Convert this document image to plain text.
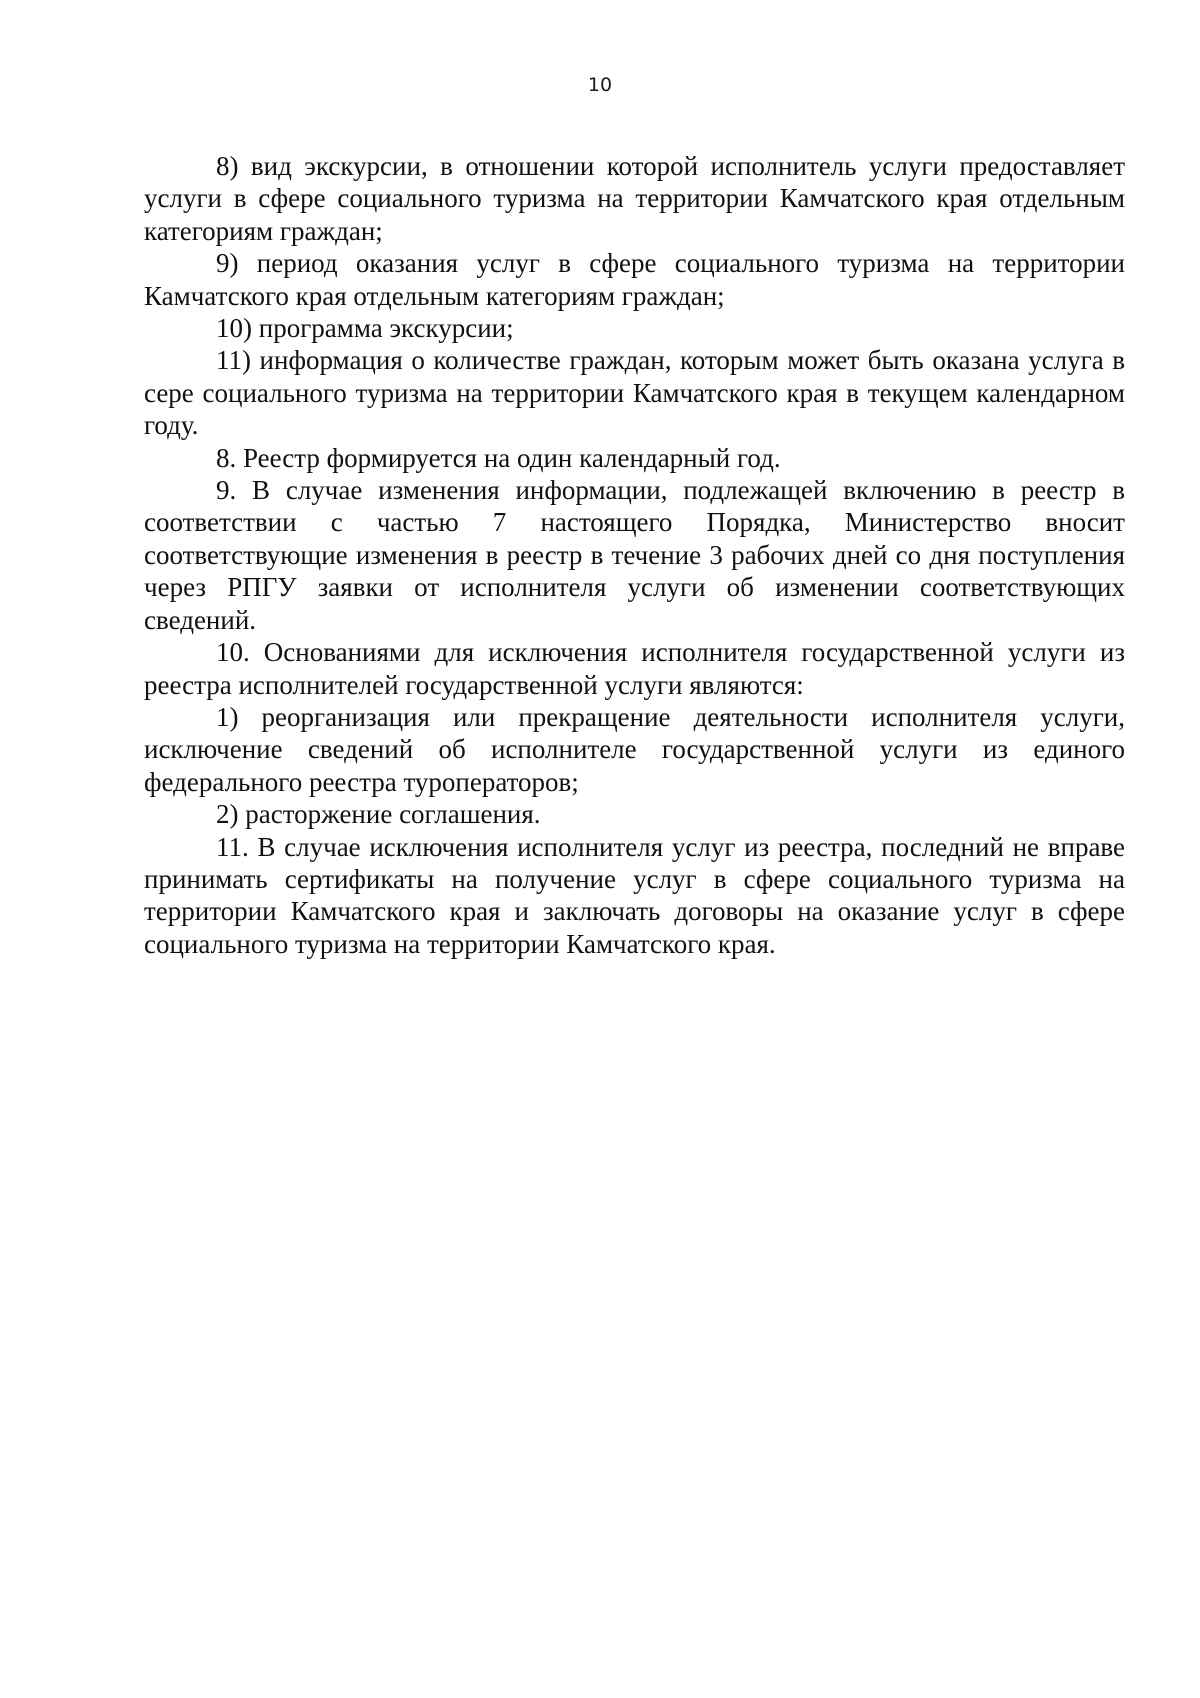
10

8) вид экскурсии, в отношении которой исполнитель услуги предоставляет услуги в сфере социального туризма на территории Камчатского края отдельным категориям граждан;

9) период оказания услуг в сфере социального туризма на территории Камчатского края отдельным категориям граждан;

10) программа экскурсии;

11) информация о количестве граждан, которым может быть оказана услуга в сере социального туризма на территории Камчатского края в текущем календарном году.

8. Реестр формируется на один календарный год.

9. В случае изменения информации, подлежащей включению в реестр в соответствии с частью 7 настоящего Порядка, Министерство вносит соответствующие изменения в реестр в течение 3 рабочих дней со дня поступления через РПГУ заявки от исполнителя услуги об изменении соответствующих сведений.

10. Основаниями для исключения исполнителя государственной услуги из реестра исполнителей государственной услуги являются:

1) реорганизация или прекращение деятельности исполнителя услуги, исключение сведений об исполнителе государственной услуги из единого федерального реестра туроператоров;

2) расторжение соглашения.

11. В случае исключения исполнителя услуг из реестра, последний не вправе принимать сертификаты на получение услуг в сфере социального туризма на территории Камчатского края и заключать договоры на оказание услуг в сфере социального туризма на территории Камчатского края.
